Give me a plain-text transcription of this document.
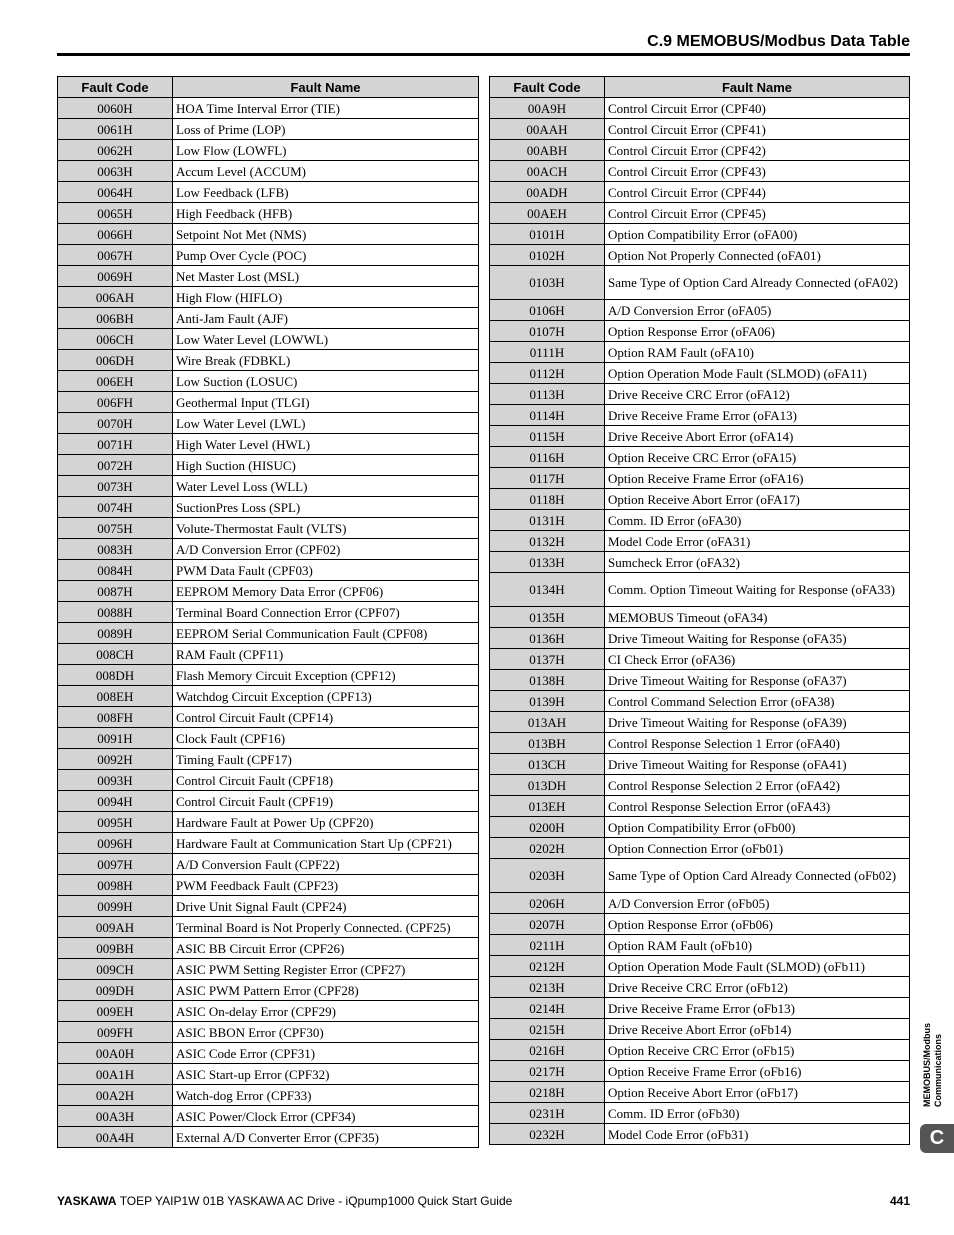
C.9 MEMOBUS/Modbus Data Table
Fault Code	Fault Name
0060H	HOA Time Interval Error (TIE)
0061H	Loss of Prime (LOP)
0062H	Low Flow (LOWFL)
0063H	Accum Level (ACCUM)
0064H	Low Feedback (LFB)
0065H	High Feedback (HFB)
0066H	Setpoint Not Met (NMS)
0067H	Pump Over Cycle (POC)
0069H	Net Master Lost (MSL)
006AH	High Flow (HIFLO)
006BH	Anti-Jam Fault (AJF)
006CH	Low Water Level (LOWWL)
006DH	Wire Break (FDBKL)
006EH	Low Suction (LOSUC)
006FH	Geothermal Input (TLGI)
0070H	Low Water Level (LWL)
0071H	High Water Level (HWL)
0072H	High Suction (HISUC)
0073H	Water Level Loss (WLL)
0074H	SuctionPres Loss (SPL)
0075H	Volute-Thermostat Fault (VLTS)
0083H	A/D Conversion Error (CPF02)
0084H	PWM Data Fault (CPF03)
0087H	EEPROM Memory Data Error (CPF06)
0088H	Terminal Board Connection Error (CPF07)
0089H	EEPROM Serial Communication Fault (CPF08)
008CH	RAM Fault (CPF11)
008DH	Flash Memory Circuit Exception (CPF12)
008EH	Watchdog Circuit Exception (CPF13)
008FH	Control Circuit Fault (CPF14)
0091H	Clock Fault (CPF16)
0092H	Timing Fault (CPF17)
0093H	Control Circuit Fault (CPF18)
0094H	Control Circuit Fault (CPF19)
0095H	Hardware Fault at Power Up (CPF20)
0096H	Hardware Fault at Communication Start Up (CPF21)
0097H	A/D Conversion Fault (CPF22)
0098H	PWM Feedback Fault (CPF23)
0099H	Drive Unit Signal Fault (CPF24)
009AH	Terminal Board is Not Properly Connected. (CPF25)
009BH	ASIC BB Circuit Error (CPF26)
009CH	ASIC PWM Setting Register Error (CPF27)
009DH	ASIC PWM Pattern Error (CPF28)
009EH	ASIC On-delay Error (CPF29)
009FH	ASIC BBON Error (CPF30)
00A0H	ASIC Code Error (CPF31)
00A1H	ASIC Start-up Error (CPF32)
00A2H	Watch-dog Error (CPF33)
00A3H	ASIC Power/Clock Error (CPF34)
00A4H	External A/D Converter Error (CPF35)
Fault Code	Fault Name
00A9H	Control Circuit Error (CPF40)
00AAH	Control Circuit Error (CPF41)
00ABH	Control Circuit Error (CPF42)
00ACH	Control Circuit Error (CPF43)
00ADH	Control Circuit Error (CPF44)
00AEH	Control Circuit Error (CPF45)
0101H	Option Compatibility Error (oFA00)
0102H	Option Not Properly Connected (oFA01)
0103H	Same Type of Option Card Already Connected (oFA02)
0106H	A/D Conversion Error (oFA05)
0107H	Option Response Error (oFA06)
0111H	Option RAM Fault (oFA10)
0112H	Option Operation Mode Fault (SLMOD) (oFA11)
0113H	Drive Receive CRC Error (oFA12)
0114H	Drive Receive Frame Error (oFA13)
0115H	Drive Receive Abort Error (oFA14)
0116H	Option Receive CRC Error (oFA15)
0117H	Option Receive Frame Error (oFA16)
0118H	Option Receive Abort Error (oFA17)
0131H	Comm. ID Error (oFA30)
0132H	Model Code Error (oFA31)
0133H	Sumcheck Error (oFA32)
0134H	Comm. Option Timeout Waiting for Response (oFA33)
0135H	MEMOBUS Timeout (oFA34)
0136H	Drive Timeout Waiting for Response (oFA35)
0137H	CI Check Error (oFA36)
0138H	Drive Timeout Waiting for Response (oFA37)
0139H	Control Command Selection Error (oFA38)
013AH	Drive Timeout Waiting for Response (oFA39)
013BH	Control Response Selection 1 Error (oFA40)
013CH	Drive Timeout Waiting for Response (oFA41)
013DH	Control Response Selection 2 Error (oFA42)
013EH	Control Response Selection Error (oFA43)
0200H	Option Compatibility Error (oFb00)
0202H	Option Connection Error (oFb01)
0203H	Same Type of Option Card Already Connected (oFb02)
0206H	A/D Conversion Error (oFb05)
0207H	Option Response Error (oFb06)
0211H	Option RAM Fault (oFb10)
0212H	Option Operation Mode Fault (SLMOD) (oFb11)
0213H	Drive Receive CRC Error (oFb12)
0214H	Drive Receive Frame Error (oFb13)
0215H	Drive Receive Abort Error (oFb14)
0216H	Option Receive CRC Error (oFb15)
0217H	Option Receive Frame Error (oFb16)
0218H	Option Receive Abort Error (oFb17)
0231H	Comm. ID Error (oFb30)
0232H	Model Code Error (oFb31)
MEMOBUS/Modbus Communications
C
YASKAWA TOEP YAIP1W 01B YASKAWA AC Drive - iQpump1000 Quick Start Guide	441
